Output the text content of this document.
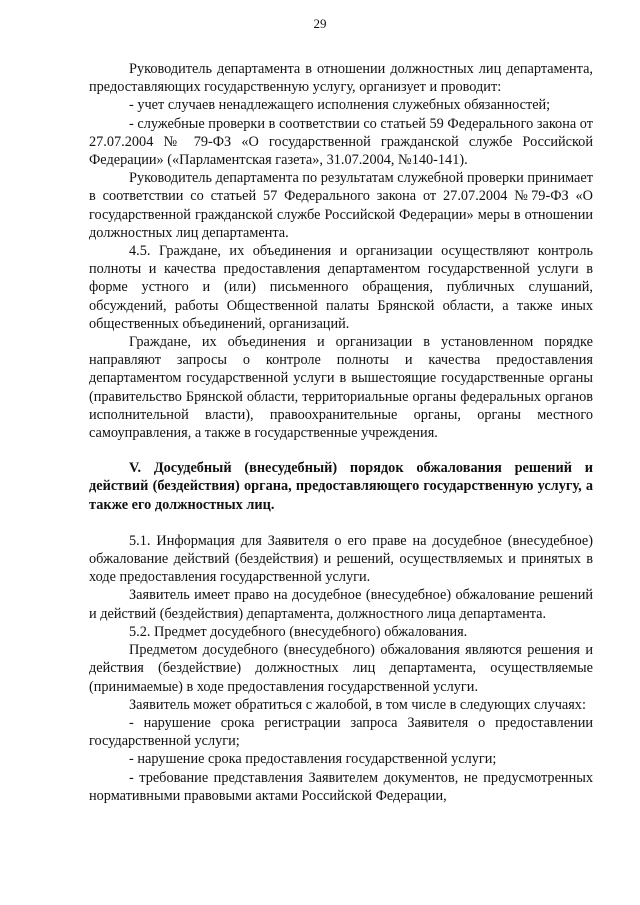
29

Руководитель департамента в отношении должностных лиц департамента, предоставляющих государственную услугу, организует и проводит:

- учет случаев ненадлежащего исполнения служебных обязанностей;

- служебные проверки в соответствии со статьей 59 Федерального закона от 27.07.2004 № 79-ФЗ «О государственной гражданской службе Российской Федерации» («Парламентская газета», 31.07.2004, №140-141).

Руководитель департамента по результатам служебной проверки принимает в соответствии со статьей 57 Федерального закона от 27.07.2004 №79-ФЗ «О государственной гражданской службе Российской Федерации» меры в отношении должностных лиц департамента.

4.5. Граждане, их объединения и организации осуществляют контроль полноты и качества предоставления департаментом государственной услуги в форме устного и (или) письменного обращения, публичных слушаний, обсуждений, работы Общественной палаты Брянской области, а также иных общественных объединений, организаций.

Граждане, их объединения и организации в установленном порядке направляют запросы о контроле полноты и качества предоставления департаментом государственной услуги в вышестоящие государственные органы (правительство Брянской области, территориальные органы федеральных органов исполнительной власти), правоохранительные органы, органы местного самоуправления, а также в государственные учреждения.

V. Досудебный (внесудебный) порядок обжалования решений и действий (бездействия) органа, предоставляющего государственную услугу, а также его должностных лиц.

5.1. Информация для Заявителя о его праве на досудебное (внесудебное) обжалование действий (бездействия) и решений, осуществляемых и принятых в ходе предоставления государственной услуги.

Заявитель имеет право на досудебное (внесудебное) обжалование решений и действий (бездействия) департамента, должностного лица департамента.

5.2. Предмет досудебного (внесудебного) обжалования.

Предметом досудебного (внесудебного) обжалования являются решения и действия (бездействие) должностных лиц департамента, осуществляемые (принимаемые) в ходе предоставления государственной услуги.

Заявитель может обратиться с жалобой, в том числе в следующих случаях:

- нарушение срока регистрации запроса Заявителя о предоставлении государственной услуги;

- нарушение срока предоставления государственной услуги;

- требование представления Заявителем документов, не предусмотренных нормативными правовыми актами Российской Федерации,
